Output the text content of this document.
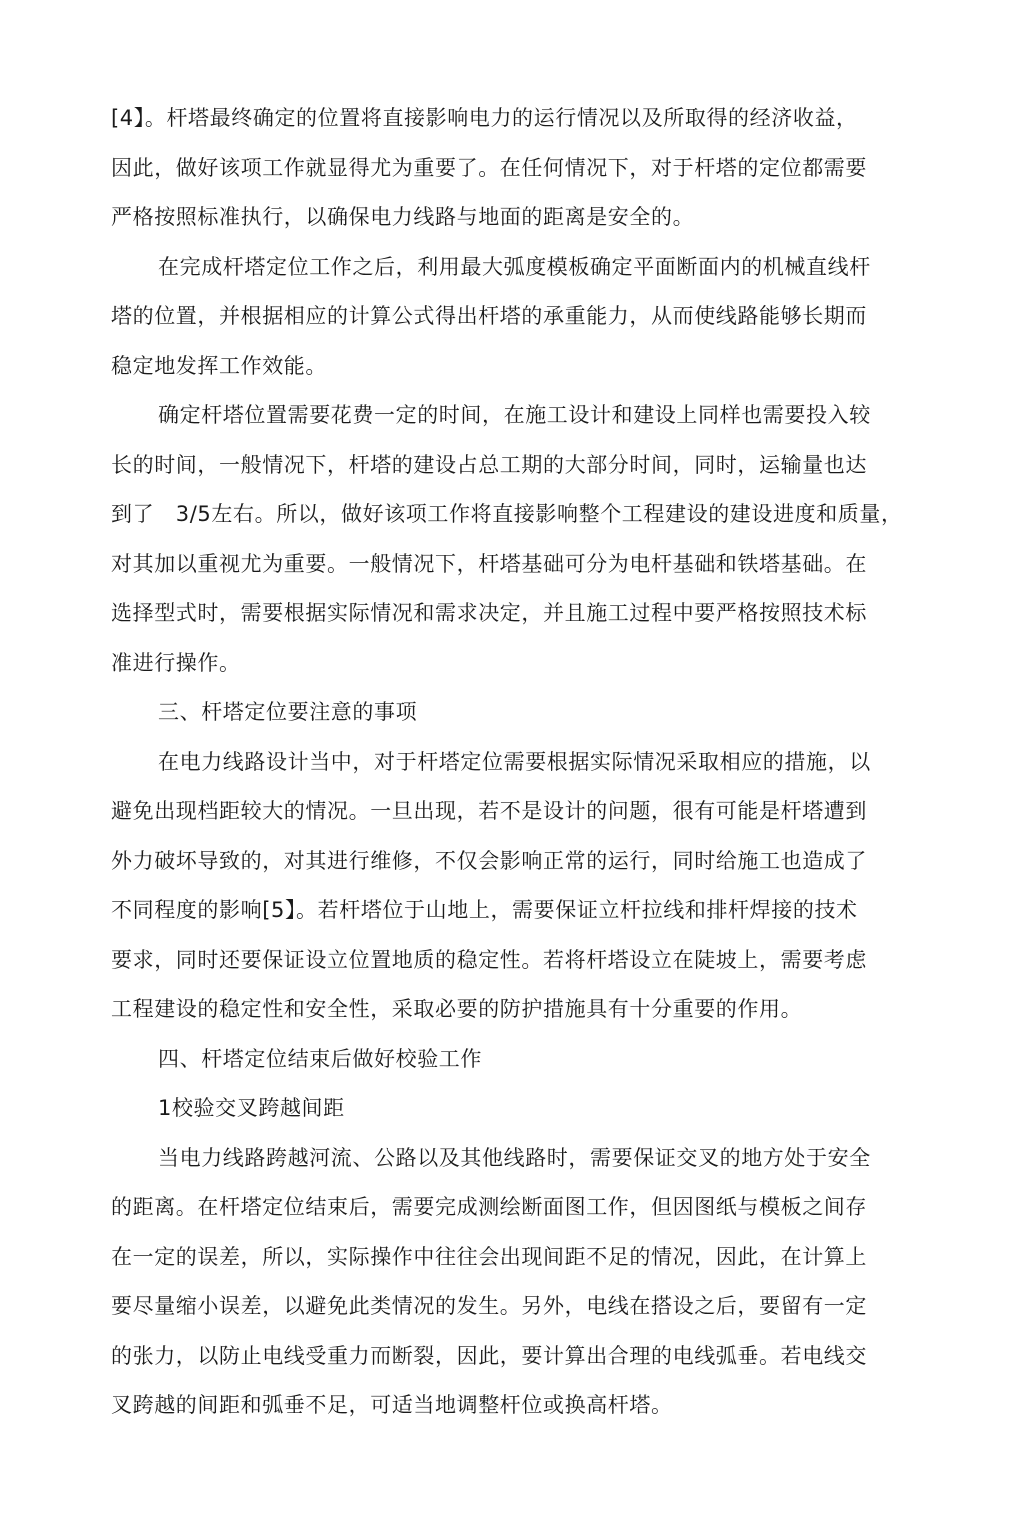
[4】。杆塔最终确定的位置将直接影响电力的运行情况以及所取得的经济收益，
因此，做好该项工作就显得尤为重要了。在任何情况下，对于杆塔的定位都需要
严格按照标准执行，以确保电力线路与地面的距离是安全的。
在完成杆塔定位工作之后，利用最大弧度模板确定平面断面内的机械直线杆
塔的位置，并根据相应的计算公式得出杆塔的承重能力，从而使线路能够长期而
稳定地发挥工作效能。
确定杆塔位置需要花费一定的时间，在施工设计和建设上同样也需要投入较
长的时间，一般情况下，杆塔的建设占总工期的大部分时间，同时，运输量也达
到了　3/5左右。所以，做好该项工作将直接影响整个工程建设的建设进度和质量，
对其加以重视尤为重要。一般情况下，杆塔基础可分为电杆基础和铁塔基础。在
选择型式时，需要根据实际情况和需求决定，并且施工过程中要严格按照技术标
准进行操作。
三、杆塔定位要注意的事项
在电力线路设计当中，对于杆塔定位需要根据实际情况采取相应的措施，以
避免出现档距较大的情况。一旦出现，若不是设计的问题，很有可能是杆塔遭到
外力破坏导致的，对其进行维修，不仅会影响正常的运行，同时给施工也造成了
不同程度的影响[5】。若杆塔位于山地上，需要保证立杆拉线和排杆焊接的技术
要求，同时还要保证设立位置地质的稳定性。若将杆塔设立在陡坡上，需要考虑
工程建设的稳定性和安全性，采取必要的防护措施具有十分重要的作用。
四、杆塔定位结束后做好校验工作
1校验交叉跨越间距
当电力线路跨越河流、公路以及其他线路时，需要保证交叉的地方处于安全
的距离。在杆塔定位结束后，需要完成测绘断面图工作，但因图纸与模板之间存
在一定的误差，所以，实际操作中往往会出现间距不足的情况，因此，在计算上
要尽量缩小误差，以避免此类情况的发生。另外，电线在搭设之后，要留有一定
的张力，以防止电线受重力而断裂，因此，要计算出合理的电线弧垂。若电线交
叉跨越的间距和弧垂不足，可适当地调整杆位或换高杆塔。
